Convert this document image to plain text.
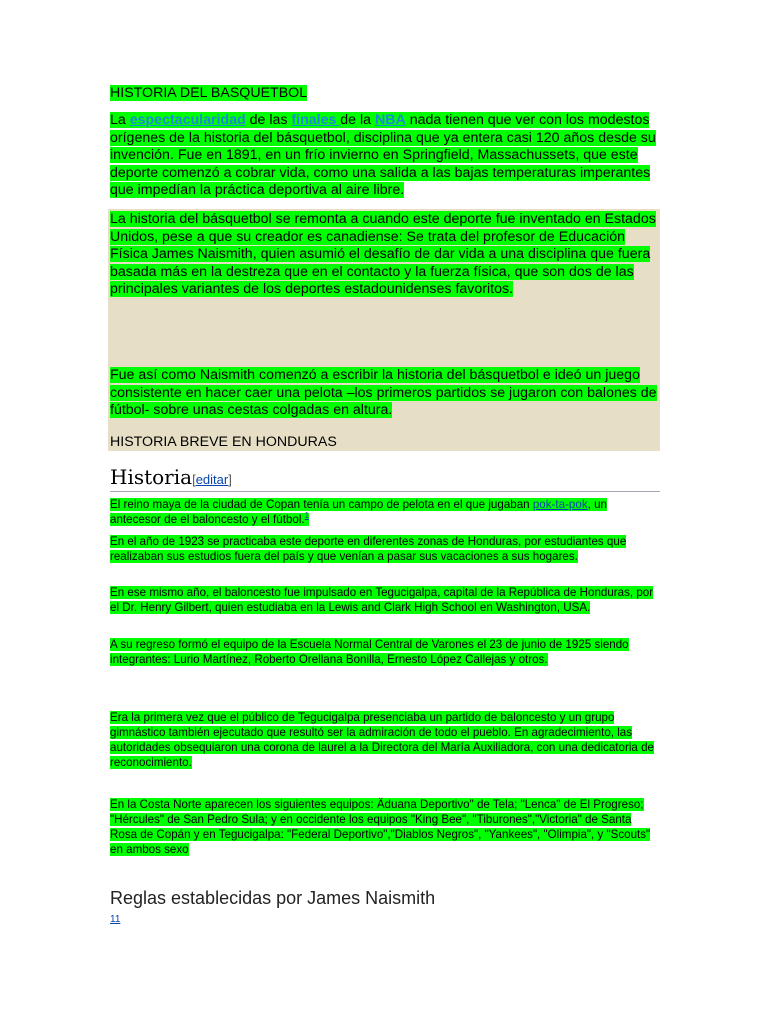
HISTORIA DEL BASQUETBOL

La espectacularidad de las finales de la NBA nada tienen que ver con los modestos orígenes de la historia del básquetbol, disciplina que ya entera casi 120 años desde su invención. Fue en 1891, en un frío invierno en Springfield, Massachussets, que este deporte comenzó a cobrar vida, como una salida a las bajas temperaturas imperantes que impedían la práctica deportiva al aire libre.

La historia del básquetbol se remonta a cuando este deporte fue inventado en Estados Unidos, pese a que su creador es canadiense: Se trata del profesor de Educación Física James Naismith, quien asumió el desafío de dar vida a una disciplina que fuera basada más en la destreza que en el contacto y la fuerza física, que son dos de las principales variantes de los deportes estadounidenses favoritos.

Fue así como Naismith comenzó a escribir la historia del básquetbol e ideó un juego consistente en hacer caer una pelota –los primeros partidos se jugaron con balones de fútbol- sobre unas cestas colgadas en altura.

HISTORIA BREVE EN HONDURAS

Historia[editar]

El reino maya de la ciudad de Copan tenía un campo de pelota en el que jugaban pok-ta-pok, un antecesor de el baloncesto y el fútbol.$^1$

En el año de 1923 se practicaba este deporte en diferentes zonas de Honduras, por estudiantes que realizaban sus estudios fuera del país y que venían a pasar sus vacaciones a sus hogares.

En ese mismo año, el baloncesto fue impulsado en Tegucigalpa, capital de la República de Honduras, por el Dr. Henry Gilbert, quien estudiaba en la Lewis and Clark High School en Washington, USA.

A su regreso formó el equipo de la Escuela Normal Central de Varones el 23 de junio de 1925 siendo integrantes: Lurio Martínez, Roberto Orellana Bonilla, Ernesto López Callejas y otros.

Era la primera vez que el público de Tegucigalpa presenciaba un partido de baloncesto y un grupo gimnástico también ejecutado que resultó ser la admiración de todo el pueblo. En agradecimiento, las autoridades obsequiaron una corona de laurel a la Directora del María Auxiliadora, con una dedicatoria de reconocimiento.

En la Costa Norte aparecen los siguientes equipos: Äduana Deportivo" de Tela; "Lenca" de El Progreso; "Hércules" de San Pedro Sula; y en occidente los equipos "King Bee", "Tiburones","Victoria" de Santa Rosa de Copán y en Tegucigalpa: "Federal Deportivo","Diablos Negros", "Yankees", "Olimpia", y "Scouts" en ambos sexo

Reglas establecidas por James Naismith
11
